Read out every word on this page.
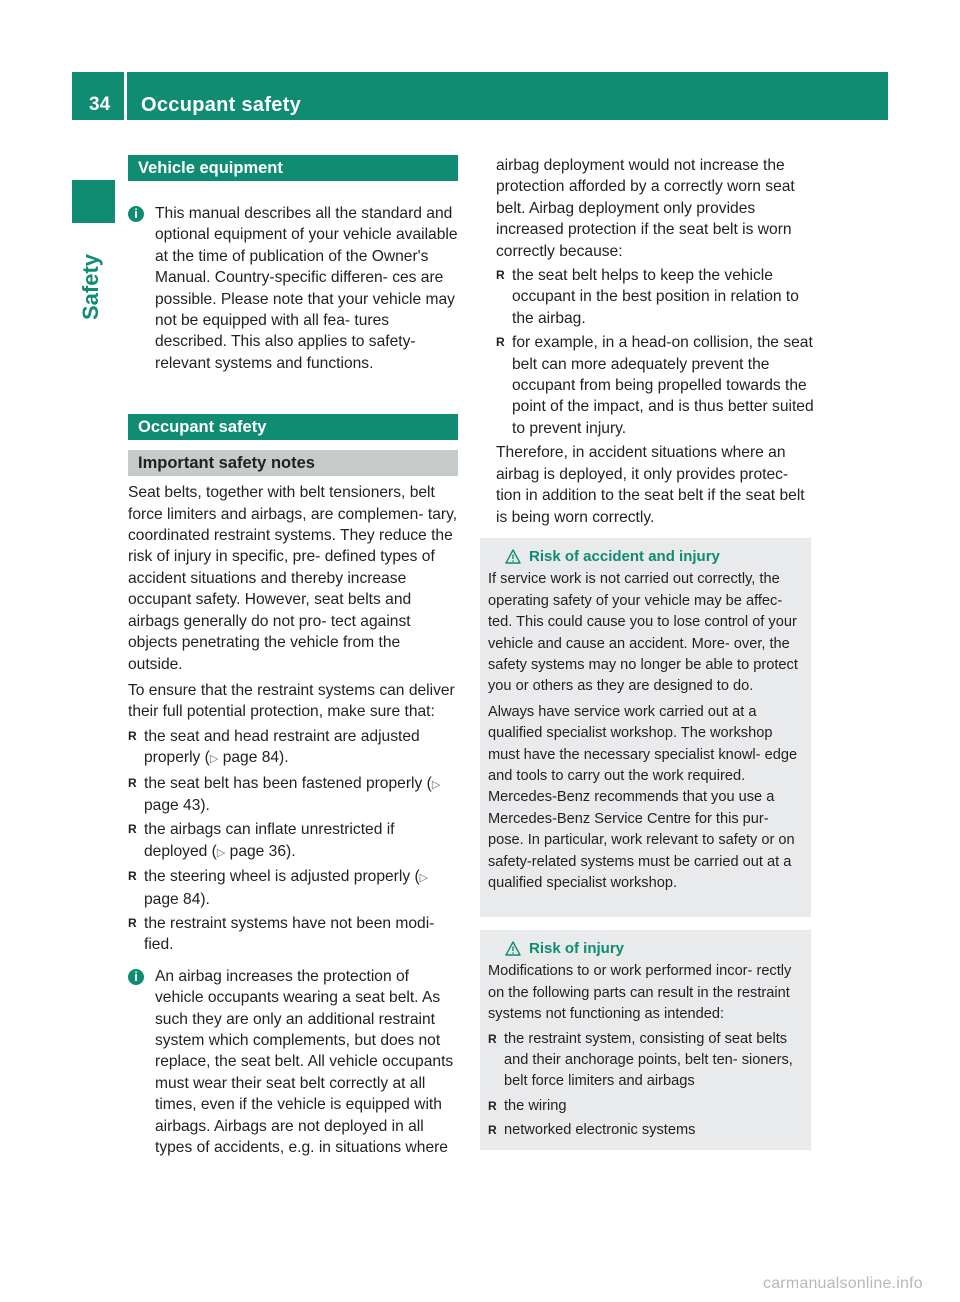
34	Occupant safety
Safety
Vehicle equipment
i	This manual describes all the standard and optional equipment of your vehicle available at the time of publication of the Owner's Manual. Country-specific differen- ces are possible. Please note that your vehicle may not be equipped with all fea- tures described. This also applies to safety- relevant systems and functions.

Occupant safety
Important safety notes

Seat belts, together with belt tensioners, belt force limiters and airbags, are complemen- tary, coordinated restraint systems. They reduce the risk of injury in specific, pre- defined types of accident situations and thereby increase occupant safety. However, seat belts and airbags generally do not pro- tect against objects penetrating the vehicle from the outside.

To ensure that the restraint systems can deliver their full potential protection, make sure that:

R the seat and head restraint are adjusted properly (▷ page 84).
R the seat belt has been fastened properly (▷ page 43).
R the airbags can inflate unrestricted if deployed (▷ page 36).
R the steering wheel is adjusted properly (▷ page 84).
R the restraint systems have not been modi- fied.
i	An airbag increases the protection of vehicle occupants wearing a seat belt. As such they are only an additional restraint system which complements, but does not replace, the seat belt. All vehicle occupants must wear their seat belt correctly at all times, even if the vehicle is equipped with airbags. Airbags are not deployed in all types of accidents, e.g. in situations where

airbag deployment would not increase the protection afforded by a correctly worn seat belt. Airbag deployment only provides increased protection if the seat belt is worn correctly because:

R the seat belt helps to keep the vehicle occupant in the best position in relation to the airbag.
R for example, in a head-on collision, the seat belt can more adequately prevent the occupant from being propelled towards the point of the impact, and is thus better suited to prevent injury.

Therefore, in accident situations where an airbag is deployed, it only provides protec- tion in addition to the seat belt if the seat belt is being worn correctly.

Risk of accident and injury

If service work is not carried out correctly, the operating safety of your vehicle may be affec- ted. This could cause you to lose control of your vehicle and cause an accident. More- over, the safety systems may no longer be able to protect you or others as they are designed to do.

Always have service work carried out at a qualified specialist workshop. The workshop must have the necessary specialist knowl- edge and tools to carry out the work required. Mercedes-Benz recommends that you use a Mercedes-Benz Service Centre for this pur- pose. In particular, work relevant to safety or on safety-related systems must be carried out at a qualified specialist workshop.

Risk of injury

Modifications to or work performed incor- rectly on the following parts can result in the restraint systems not functioning as intended:

R the restraint system, consisting of seat belts and their anchorage points, belt ten- sioners, belt force limiters and airbags
R the wiring
R networked electronic systems
carmanualsonline.info
